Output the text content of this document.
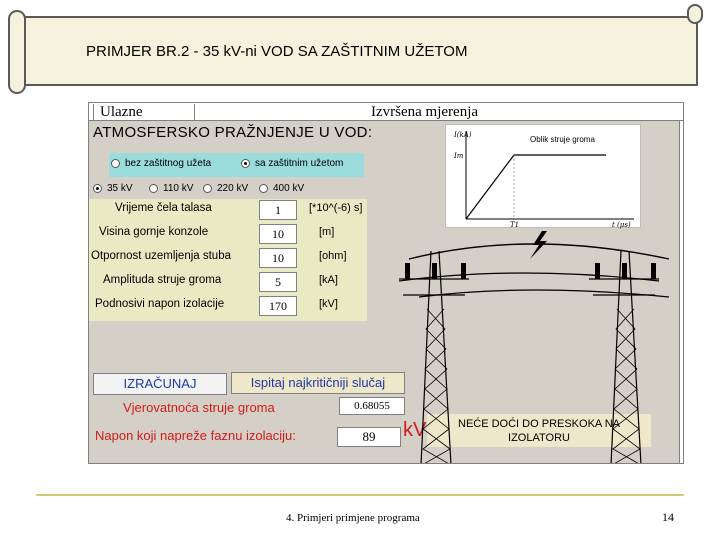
PRIMJER BR.2 - 35 kV-ni VOD SA ZAŠTITNIM UŽETOM
Ulazne	Izvršena mjerenja
ATMOSFERSKO PRAŽNJENJE U VOD:
bez zaštitnog užeta	sa zaštitnim užetom
35 kV	110 kV 220 kV 400 kV
Vrijeme čela talasa	1	[*10^(-6) s]
Visina gornje konzole	10	[m]
Otpornost uzemljenja stuba	10	[ohm]
Amplituda struje groma	5	[kA]
Podnosivi napon izolacije	170	[kV]
IZRAČUNAJ	Ispitaj najkritičniji slučaj
Vjerovatnoća struje groma	0.68055
Napon koji napreže faznu izolaciju:	89	kV	NEĆE DOĆI DO PRESKOKA NA IZOLATORU
I(kA)
Im
T1	t (μs)
Oblik struje groma
4. Primjeri primjene programa	14
